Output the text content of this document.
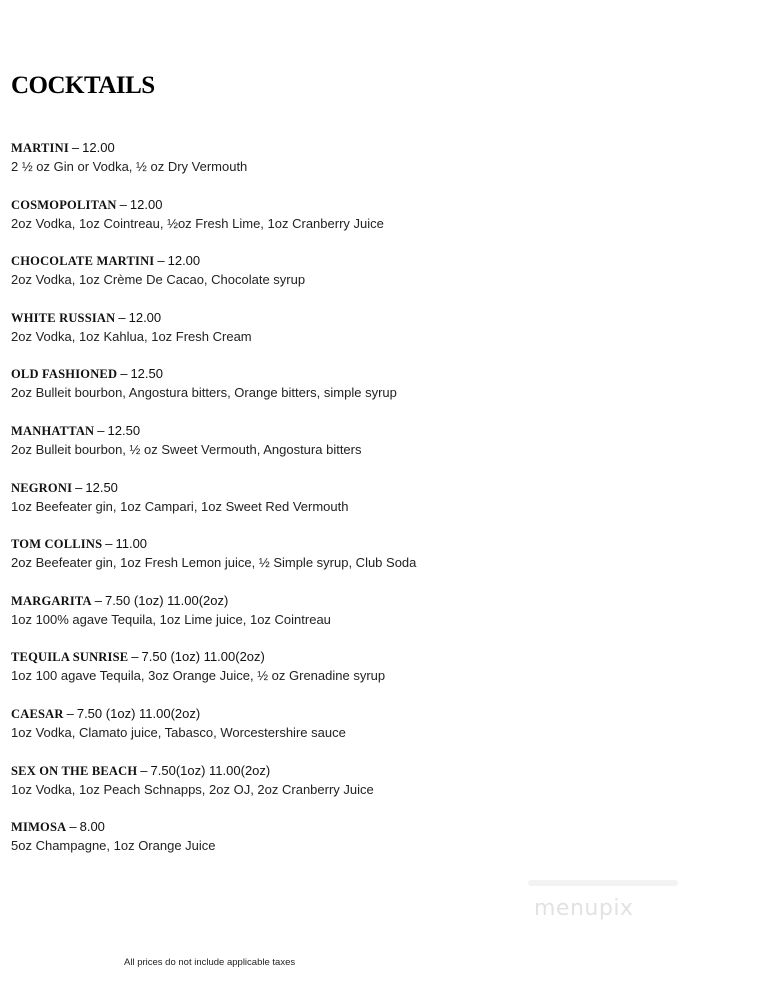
COCKTAILS
MARTINI – 12.00
2 ½ oz Gin or Vodka, ½ oz Dry Vermouth
COSMOPOLITAN – 12.00
2oz Vodka, 1oz Cointreau, ½oz Fresh Lime, 1oz Cranberry Juice
CHOCOLATE MARTINI – 12.00
2oz Vodka, 1oz Crème De Cacao, Chocolate syrup
WHITE RUSSIAN – 12.00
2oz Vodka, 1oz Kahlua, 1oz Fresh Cream
OLD FASHIONED – 12.50
2oz Bulleit bourbon, Angostura bitters, Orange bitters, simple syrup
MANHATTAN – 12.50
2oz Bulleit bourbon, ½ oz Sweet Vermouth, Angostura bitters
NEGRONI – 12.50
1oz Beefeater gin, 1oz Campari, 1oz Sweet Red Vermouth
TOM COLLINS – 11.00
2oz Beefeater gin, 1oz Fresh Lemon juice, ½ Simple syrup, Club Soda
MARGARITA – 7.50 (1oz) 11.00(2oz)
1oz 100% agave Tequila, 1oz Lime juice, 1oz Cointreau
TEQUILA SUNRISE – 7.50 (1oz) 11.00(2oz)
1oz 100 agave Tequila, 3oz Orange Juice, ½ oz Grenadine syrup
CAESAR – 7.50 (1oz) 11.00(2oz)
1oz Vodka, Clamato juice, Tabasco, Worcestershire sauce
SEX ON THE BEACH – 7.50(1oz) 11.00(2oz)
1oz Vodka, 1oz Peach Schnapps, 2oz OJ, 2oz Cranberry Juice
MIMOSA – 8.00
5oz Champagne, 1oz Orange Juice
menupix
All prices do not include applicable taxes
